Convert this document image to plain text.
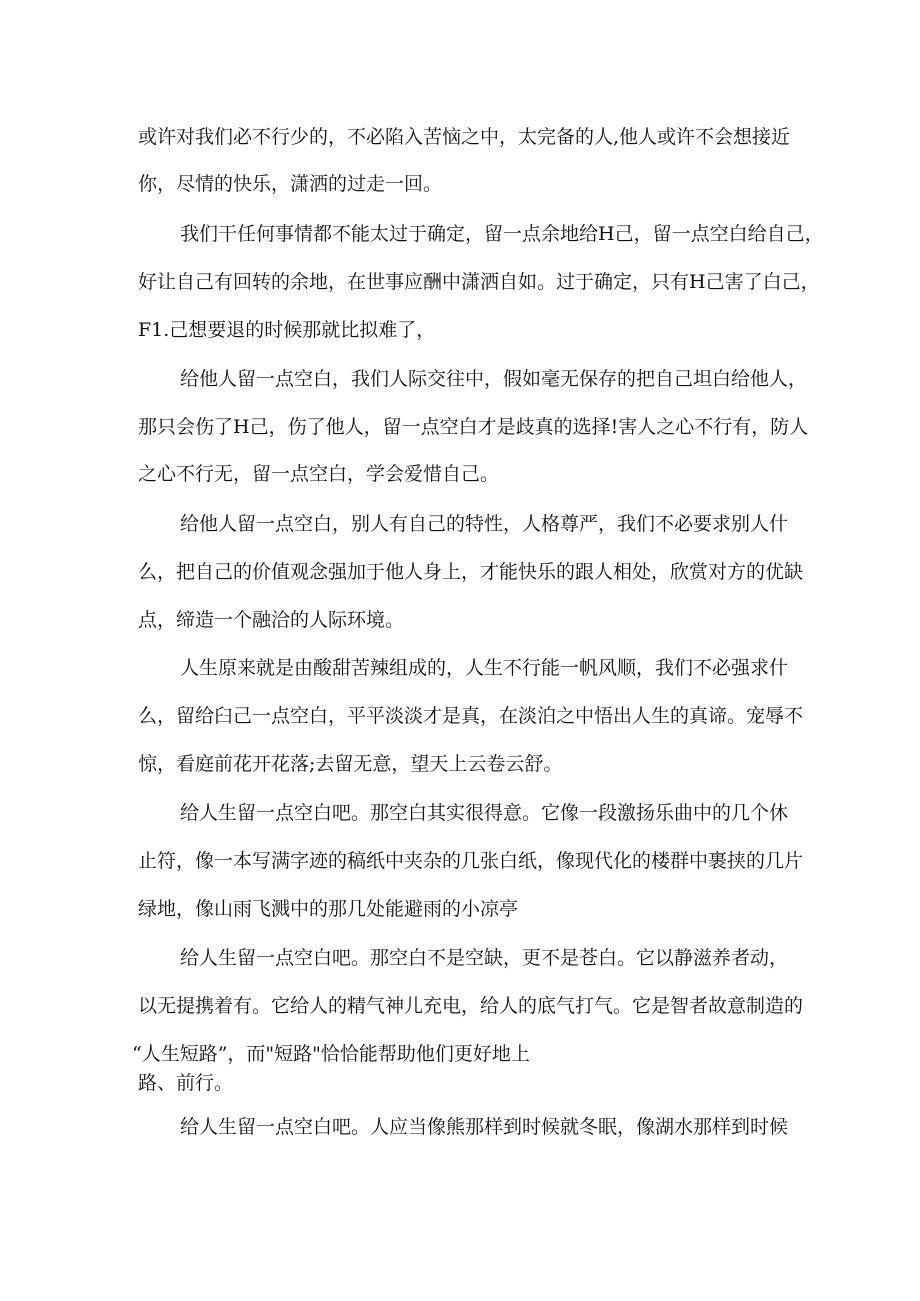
或许对我们必不行少的，不必陷入苦恼之中，太完备的人,他人或许不会想接近

你，尽情的快乐，潇洒的过走一回。

我们干任何事情都不能太过于确定，留一点余地给H己，留一点空白给自己，

好让自己有回转的余地，在世事应酬中潇洒自如。过于确定，只有H己害了白己，

F1.己想要退的时候那就比拟难了，

给他人留一点空白，我们人际交往中，假如毫无保存的把自己坦白给他人，

那只会伤了H己，伤了他人，留一点空白才是歧真的选择!害人之心不行有，防人

之心不行无，留一点空白，学会爱惜自己。

给他人留一点空白，别人有自己的特性，人格尊严，我们不必要求别人什

么，把自己的价值观念强加于他人身上，才能快乐的跟人相处，欣赏对方的优缺

点，缔造一个融洽的人际环境。

人生原来就是由酸甜苦辣组成的，人生不行能一帆风顺，我们不必强求什

么，留给臼己一点空白，平平淡淡才是真，在淡泊之中悟出人生的真谛。宠辱不

惊，看庭前花开花落;去留无意，望天上云卷云舒。

给人生留一点空白吧。那空白其实很得意。它像一段激扬乐曲中的几个休

止符，像一本写满字迹的稿纸中夹杂的几张白纸，像现代化的楼群中裹挟的几片

绿地，像山雨飞溅中的那几处能避雨的小凉亭

给人生留一点空白吧。那空白不是空缺，更不是苍白。它以静滋养者动，

以无提携着有。它给人的精气神儿充电，给人的底气打气。它是智者故意制造的

“人生短路”，而"短路"恰恰能帮助他们更好地上

路、前行。

给人生留一点空白吧。人应当像熊那样到时候就冬眠，像湖水那样到时候
